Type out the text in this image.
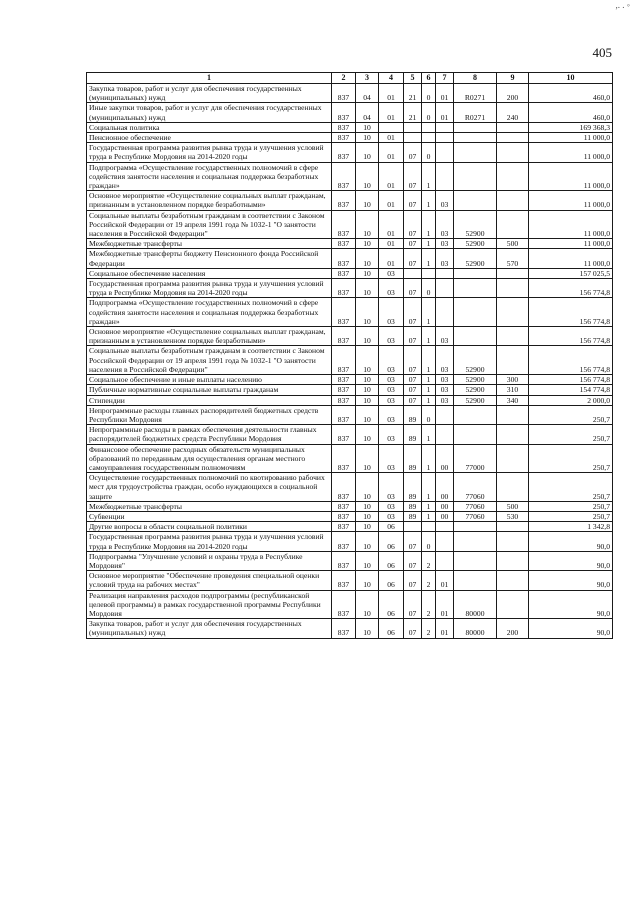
,. . ◦
405
1	2	3	4	5	6	7	8	9	10
Закупка товаров, работ и услуг для обеспечения государственных (муниципальных) нужд	837	04	01	21	0	01	R0271	200	460,0
Иные закупки товаров, работ и услуг для обеспечения государственных (муниципальных) нужд	837	04	01	21	0	01	R0271	240	460,0
Социальная политика	837	10							169 368,3
Пенсионное обеспечение	837	10	01						11 000,0
Государственная программа развития рынка труда и улучшения условий труда в Республике Мордовия на 2014-2020 годы	837	10	01	07	0				11 000,0
Подпрограмма «Осуществление государственных полномочий в сфере содействия занятости населения и социальная поддержка безработных граждан»	837	10	01	07	1				11 000,0
Основное мероприятие «Осуществление социальных выплат гражданам, признанным в установленном порядке безработными»	837	10	01	07	1	03			11 000,0
Социальные выплаты безработным гражданам в соответствии с Законом Российской Федерации от 19 апреля 1991 года № 1032-1 "О занятости населения в Российской Федерации"	837	10	01	07	1	03	52900		11 000,0
Межбюджетные трансферты	837	10	01	07	1	03	52900	500	11 000,0
Межбюджетные трансферты бюджету Пенсионного фонда Российской Федерации	837	10	01	07	1	03	52900	570	11 000,0
Социальное обеспечение населения	837	10	03						157 025,5
Государственная программа развития рынка труда и улучшения условий труда в Республике Мордовия на 2014-2020 годы	837	10	03	07	0				156 774,8
Подпрограмма «Осуществление государственных полномочий в сфере содействия занятости населения и социальная поддержка безработных граждан»	837	10	03	07	1				156 774,8
Основное мероприятие «Осуществление социальных выплат гражданам, признанным в установленном порядке безработными»	837	10	03	07	1	03			156 774,8
Социальные выплаты безработным гражданам в соответствии с Законом Российской Федерации от 19 апреля 1991 года № 1032-1 "О занятости населения в Российской Федерации"	837	10	03	07	1	03	52900		156 774,8
Социальное обеспечение и иные выплаты населению	837	10	03	07	1	03	52900	300	156 774,8
Публичные нормативные социальные выплаты гражданам	837	10	03	07	1	03	52900	310	154 774,8
Стипендии	837	10	03	07	1	03	52900	340	2 000,0
Непрограммные расходы главных распорядителей бюджетных средств Республики Мордовия	837	10	03	89	0				250,7
Непрограммные расходы в рамках обеспечения деятельности главных распорядителей бюджетных средств Республики Мордовия	837	10	03	89	1				250,7
Финансовое обеспечение расходных обязательств муниципальных образований по переданным для осуществления органам местного самоуправления государственным полномочиям	837	10	03	89	1	00	77000		250,7
Осуществление государственных полномочий по квотированию рабочих мест для трудоустройства граждан, особо нуждающихся в социальной защите	837	10	03	89	1	00	77060		250,7
Межбюджетные трансферты	837	10	03	89	1	00	77060	500	250,7
Субвенции	837	10	03	89	1	00	77060	530	250,7
Другие вопросы в области социальной политики	837	10	06						1 342,8
Государственная программа развития рынка труда и улучшения условий труда в Республике Мордовия на 2014-2020 годы	837	10	06	07	0				90,0
Подпрограмма "Улучшение условий и охраны труда в Республике Мордовия"	837	10	06	07	2				90,0
Основное мероприятие "Обеспечение проведения специальной оценки условий труда на рабочих местах"	837	10	06	07	2	01			90,0
Реализация направления расходов подпрограммы (республиканской целевой программы) в рамках государственной программы Республики Мордовия	837	10	06	07	2	01	80000		90,0
Закупка товаров, работ и услуг для обеспечения государственных (муниципальных) нужд	837	10	06	07	2	01	80000	200	90,0
